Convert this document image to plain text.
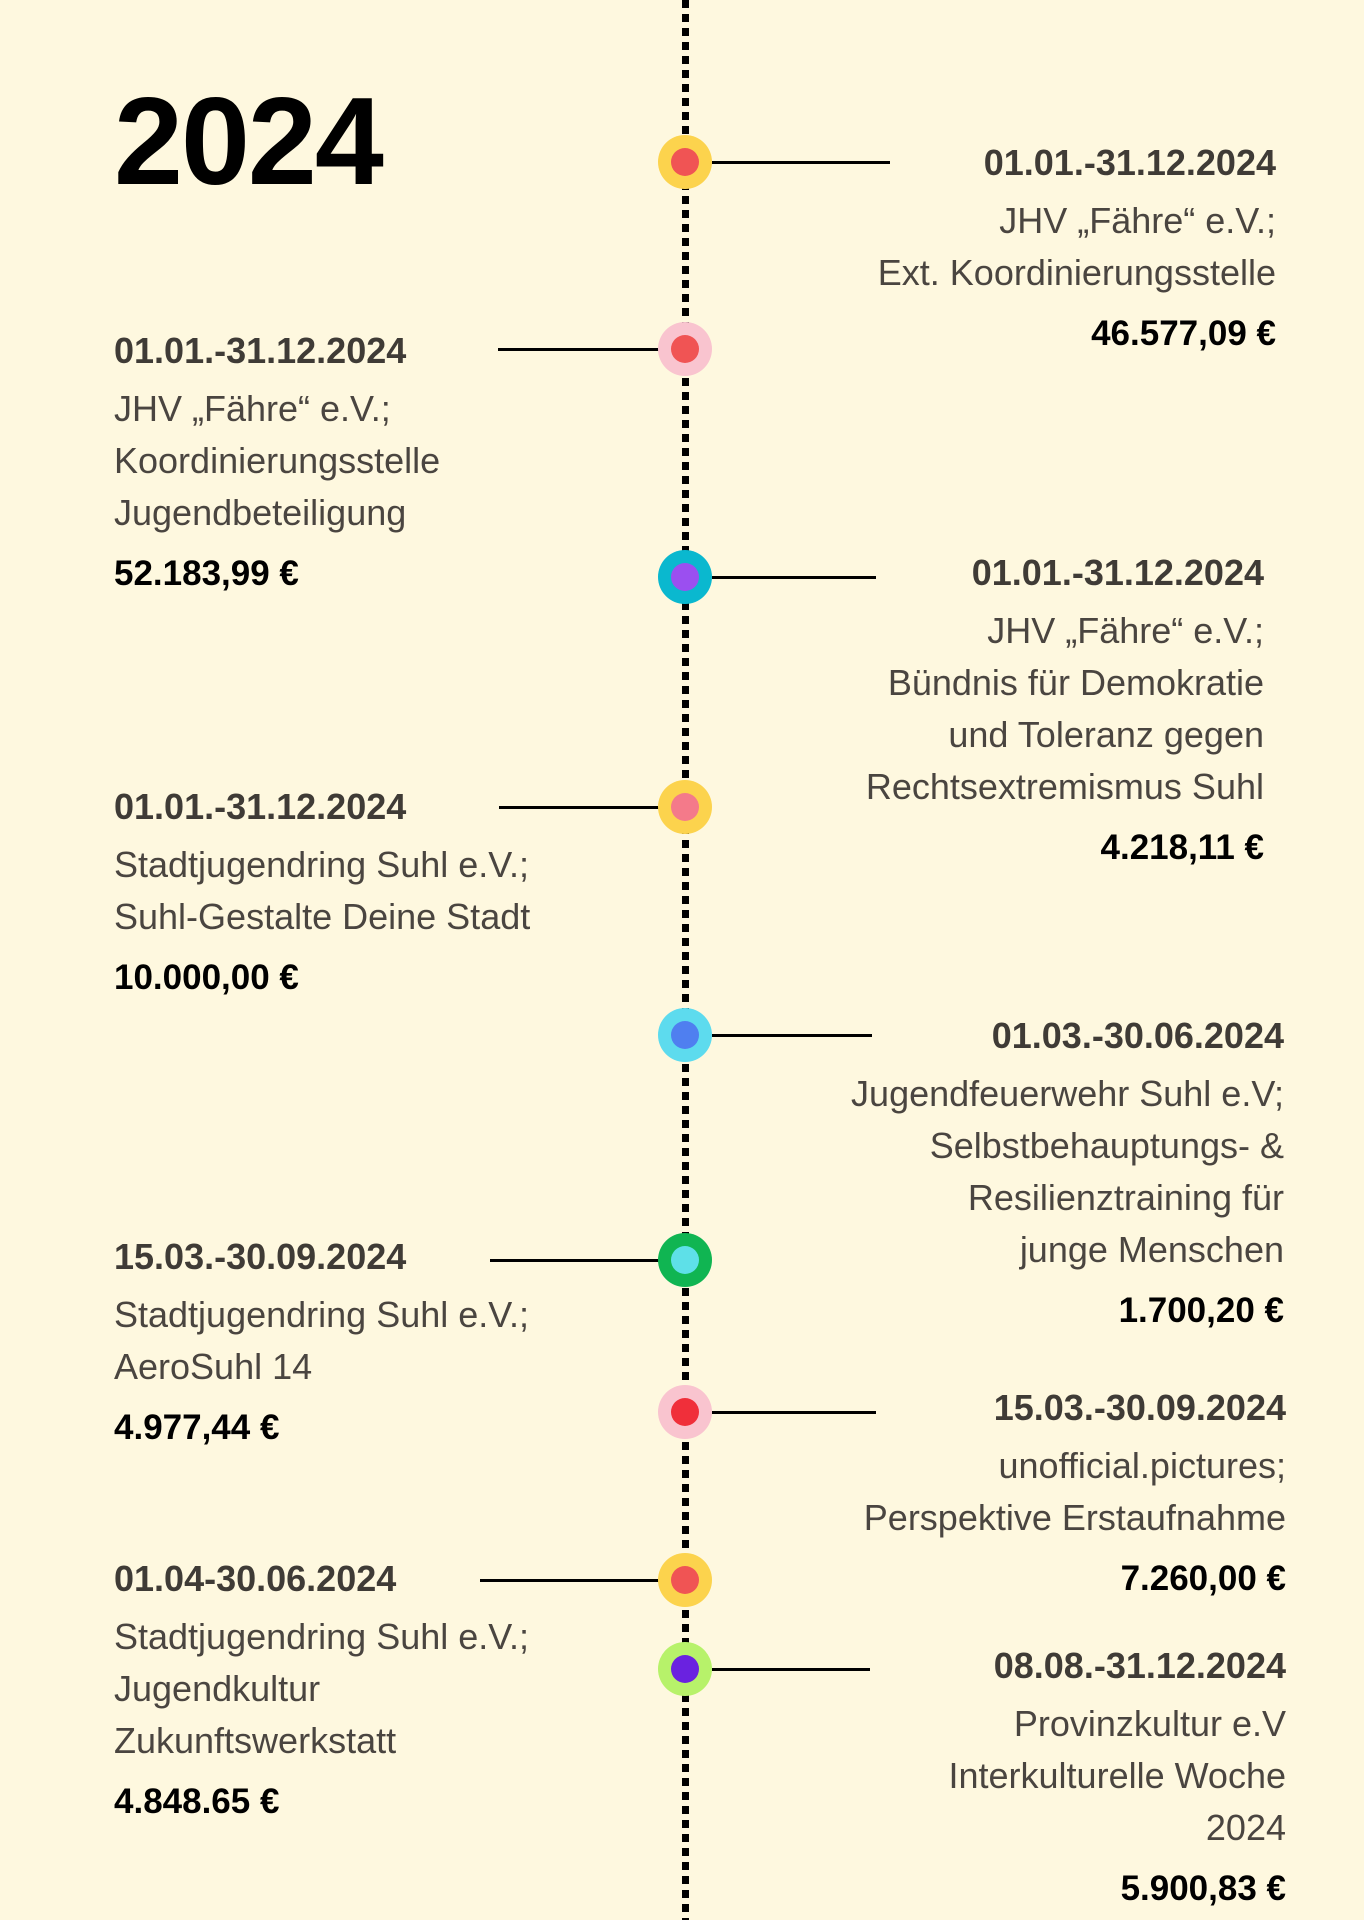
2024	01.01.-31.12.2024
JHV „Fähre“ e.V.;
Ext. Koordinierungsstelle
46.577,09 €
01.01.-31.12.2024
JHV „Fähre“ e.V.;
Koordinierungsstelle
Jugendbeteiligung
52.183,99 €	01.01.-31.12.2024
JHV „Fähre“ e.V.;
Bündnis für Demokratie
und Toleranz gegen
Rechtsextremismus Suhl
4.218,11 €
01.01.-31.12.2024
Stadtjugendring Suhl e.V.;
Suhl-Gestalte Deine Stadt
10.000,00 €
01.03.-30.06.2024
Jugendfeuerwehr Suhl e.V;
Selbstbehauptungs- &
Resilienztraining für
junge Menschen
1.700,20 €
15.03.-30.09.2024
Stadtjugendring Suhl e.V.;
AeroSuhl 14
4.977,44 €	15.03.-30.09.2024
unofficial.pictures;
Perspektive Erstaufnahme
7.260,00 €
01.04-30.06.2024
Stadtjugendring Suhl e.V.;
Jugendkultur
Zukunftswerkstatt
4.848.65 €
08.08.-31.12.2024
Provinzkultur e.V
Interkulturelle Woche
2024
5.900,83 €
